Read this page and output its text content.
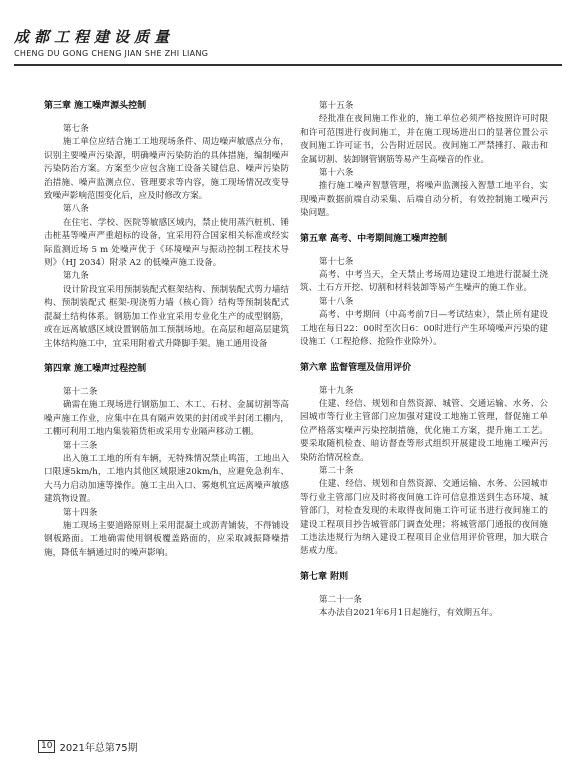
成都工程建设质量
CHENG DU GONG CHENG JIAN SHE ZHI LIANG
第三章 施工噪声源头控制

第七条

施工单位应结合施工工地现场条件、周边噪声敏感点分布，识别主要噪声污染源，明确噪声污染防治的具体措施，编制噪声污染防治方案。方案至少应包含施工设备关键信息、噪声污染防治措施、噪声监测点位、管理要求等内容，施工现场情况改变导致噪声影响范围变化后，应及时修改方案。

第八条

在住宅、学校、医院等敏感区域内，禁止使用蒸汽桩机、锤击桩基等噪声严重超标的设备，宜采用符合国家相关标准或经实际监测近场 5 m 处噪声优于《环境噪声与振动控制工程技术导则》（HJ 2034）附录 A2 的低噪声施工设备。

第九条

设计阶段宜采用预制装配式框架结构、预制装配式剪力墙结构、预制装配式 框架-现浇剪力墙（核心筒）结构等预制装配式混凝土结构体系。钢筋加工作业宜采用专业化生产的成型钢筋，或在远离敏感区域设置钢筋加工预制场地。在高层和超高层建筑主体结构施工中，宜采用附着式升降脚手架。施工通用设备

第四章 施工噪声过程控制

第十二条

确需在施工现场进行钢筋加工、木工、石材、金属切割等高噪声施工作业，应集中在具有隔声效果的封闭或半封闭工棚内，工棚可利用工地内集装箱货柜或采用专业隔声移动工棚。

第十三条

出入施工工地的所有车辆，无特殊情况禁止鸣笛，工地出入口限速5km/h，工地内其他区域限速20km/h，应避免急刹车、大马力启动加速等操作。施工主出入口、雾炮机宜远离噪声敏感建筑物设置。

第十四条

施工现场主要道路原则上采用混凝土或沥青铺装，不得铺设钢板路面。工地确需使用钢板覆盖路面的，应采取减振降噪措施，降低车辆通过时的噪声影响。

第十五条

经批准在夜间施工作业的，施工单位必须严格按照许可时限和许可范围进行夜间施工，并在施工现场进出口的显著位置公示夜间施工许可证书，公告附近居民。夜间施工严禁捶打、敲击和金属切割、装卸钢管钢筋等易产生高噪音的作业。

第十六条

推行施工噪声智慧管理，将噪声监测接入智慧工地平台，实现噪声数据前端自动采集、后端自动分析，有效控制施工噪声污染问题。

第五章 高考、中考期间施工噪声控制

第十七条

高考、中考当天，全天禁止考场周边建设工地进行混凝土浇筑、土石方开挖、切割和材料装卸等易产生噪声的施工作业。

第十八条

高考、中考期间（中高考前7日—考试结束），禁止所有建设工地在每日22：00时至次日6：00时进行产生环境噪声污染的建设施工（工程抢修、抢险作业除外）。

第六章 监督管理及信用评价

第十九条

住建、经信、规划和自然资源、城管、交通运输、水务、公园城市等行业主管部门应加强对建设工地施工管理，督促施工单位严格落实噪声污染控制措施，优化施工方案，提升施工工艺。要采取随机检查、暗访督查等形式组织开展建设工地施工噪声污染防治情况检查。

第二十条

住建、经信、规划和自然资源、交通运输、水务、公园城市等行业主管部门应及时将夜间施工许可信息推送到生态环境、城管部门，对检查发现的未取得夜间施工许可证书进行夜间施工的建设工程项目抄告城管部门调查处理；将城管部门通报的夜间施工违法违规行为纳入建设工程项目企业信用评价管理，加大联合惩戒力度。

第七章 附则

第二十一条

本办法自2021年6月1日起施行，有效期五年。

10 2021年总第75期
